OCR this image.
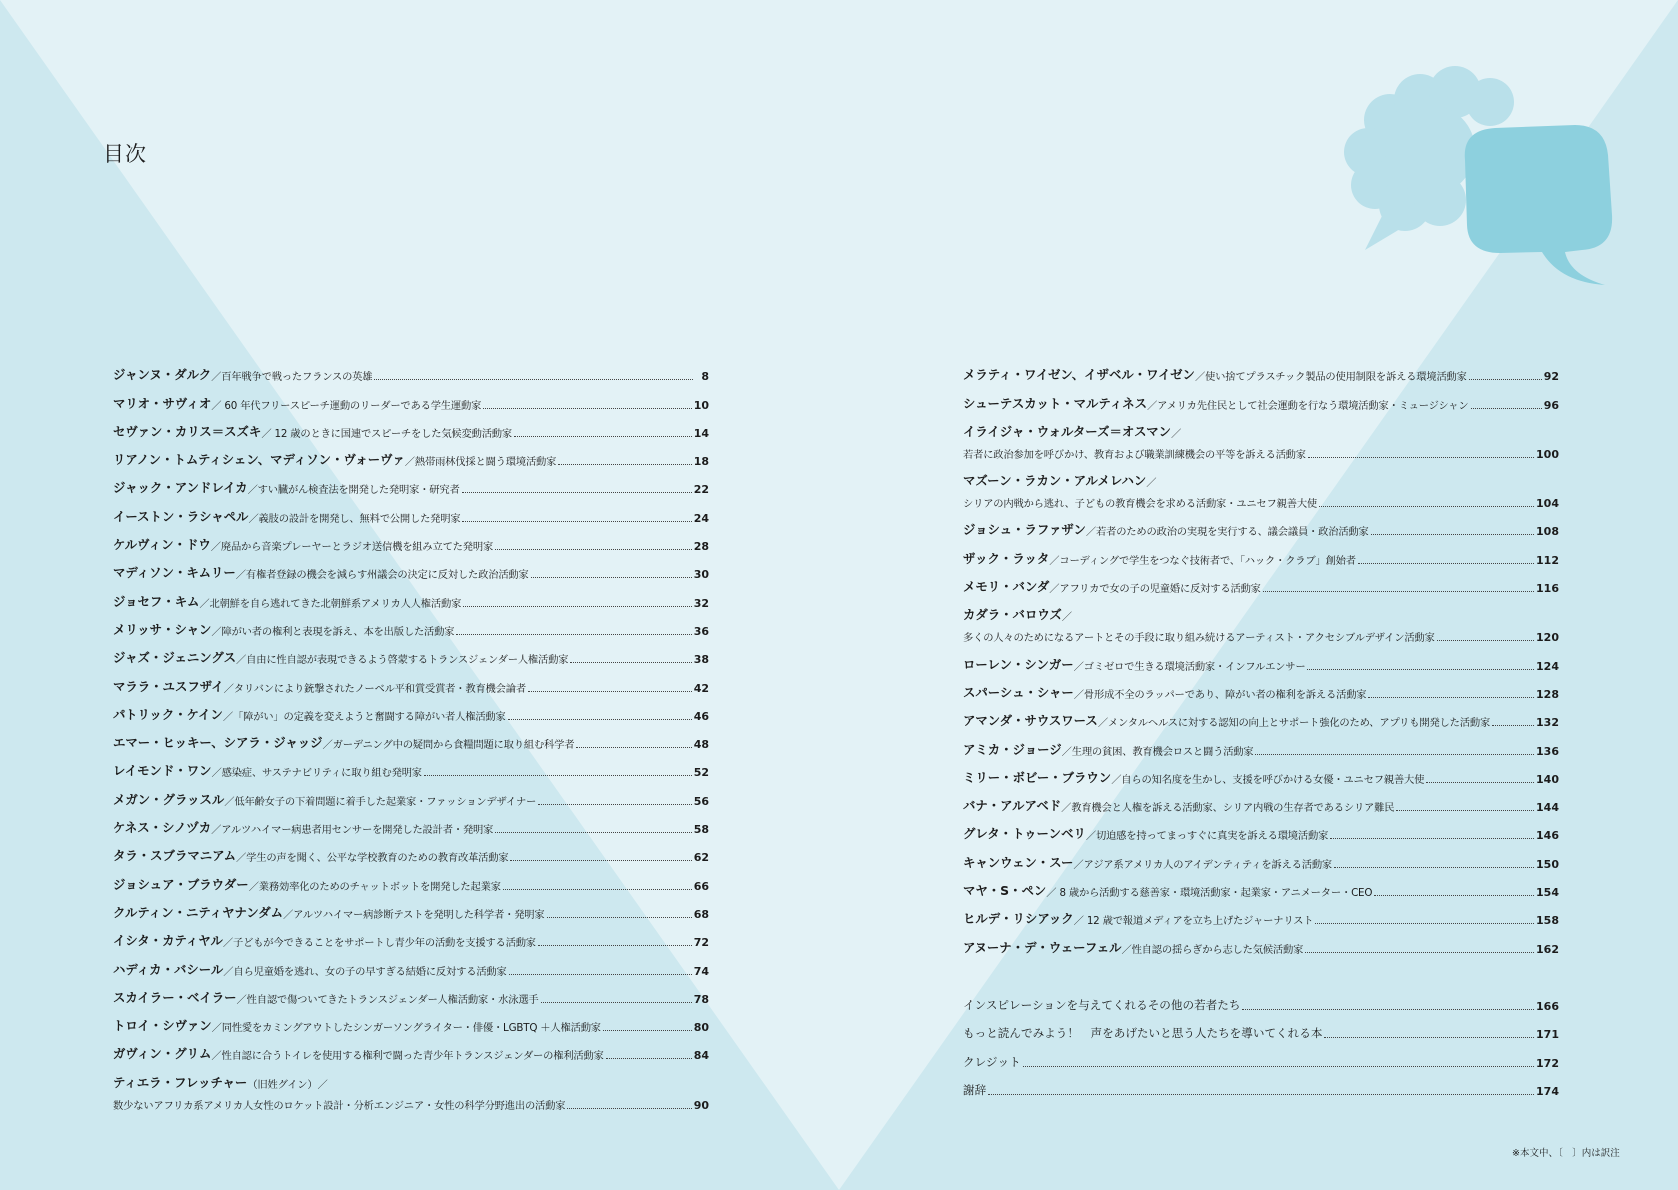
目次
ジャンヌ・ダルク ／百年戦争で戦ったフランスの英雄	8
マリオ・サヴィオ ／ 60 年代フリースピーチ運動のリーダーである学生運動家	10
セヴァン・カリス＝スズキ ／ 12 歳のときに国連でスピーチをした気候変動活動家	14
リアノン・トムティシェン、マディソン・ヴォーヴァ ／熱帯雨林伐採と闘う環境活動家	18
ジャック・アンドレイカ ／すい臓がん検査法を開発した発明家・研究者	22
イーストン・ラシャペル ／義肢の設計を開発し、無料で公開した発明家	24
ケルヴィン・ドウ ／廃品から音楽プレーヤーとラジオ送信機を組み立てた発明家	28
マディソン・キムリー ／有権者登録の機会を減らす州議会の決定に反対した政治活動家	30
ジョセフ・キム ／北朝鮮を自ら逃れてきた北朝鮮系アメリカ人人権活動家	32
メリッサ・シャン ／障がい者の権利と表現を訴え、本を出版した活動家	36
ジャズ・ジェニングス ／自由に性自認が表現できるよう啓蒙するトランスジェンダー人権活動家	38
マララ・ユスフザイ ／タリバンにより銃撃されたノーベル平和賞受賞者・教育機会論者	42
パトリック・ケイン ／「障がい」の定義を変えようと奮闘する障がい者人権活動家	46
エマー・ヒッキー、シアラ・ジャッジ ／ガーデニング中の疑問から食糧問題に取り組む科学者	48
レイモンド・ワン ／感染症、サステナビリティに取り組む発明家	52
メガン・グラッスル ／低年齢女子の下着問題に着手した起業家・ファッションデザイナー	56
ケネス・シノヅカ ／アルツハイマー病患者用センサーを開発した設計者・発明家	58
タラ・スブラマニアム ／学生の声を聞く、公平な学校教育のための教育改革活動家	62
ジョシュア・ブラウダー ／業務効率化のためのチャットボットを開発した起業家	66
クルティン・ニティヤナンダム ／アルツハイマー病診断テストを発明した科学者・発明家	68
イシタ・カティヤル ／子どもが今できることをサポートし青少年の活動を支援する活動家	72
ハディカ・バシール ／自ら児童婚を逃れ、女の子の早すぎる結婚に反対する活動家	74
スカイラー・ベイラー ／性自認で傷ついてきたトランスジェンダー人権活動家・水泳選手	78
トロイ・シヴァン ／同性愛をカミングアウトしたシンガーソングライター・俳優・LGBTQ ＋人権活動家	80
ガヴィン・グリム ／性自認に合うトイレを使用する権利で闘った青少年トランスジェンダーの権利活動家	84
ティエラ・フレッチャー （旧姓グイン）／
数少ないアフリカ系アメリカ人女性のロケット設計・分析エンジニア・女性の科学分野進出の活動家	90
メラティ・ワイゼン、イザベル・ワイゼン ／使い捨てプラスチック製品の使用制限を訴える環境活動家	92
シューテスカット・マルティネス ／アメリカ先住民として社会運動を行なう環境活動家・ミュージシャン	96
イライジャ・ウォルターズ＝オスマン ／
若者に政治参加を呼びかけ、教育および職業訓練機会の平等を訴える活動家	100
マズーン・ラカン・アルメレハン ／
シリアの内戦から逃れ、子どもの教育機会を求める活動家・ユニセフ親善大使	104
ジョシュ・ラファザン ／若者のための政治の実現を実行する、議会議員・政治活動家	108
ザック・ラッタ ／コーディングで学生をつなぐ技術者で、「ハック・クラブ」創始者	112
メモリ・バンダ ／アフリカで女の子の児童婚に反対する活動家	116
カダラ・バロウズ ／
多くの人々のためになるアートとその手段に取り組み続けるアーティスト・アクセシブルデザイン活動家	120
ローレン・シンガー ／ゴミゼロで生きる環境活動家・インフルエンサー	124
スパーシュ・シャー ／骨形成不全のラッパーであり、障がい者の権利を訴える活動家	128
アマンダ・サウスワース ／メンタルヘルスに対する認知の向上とサポート強化のため、アプリも開発した活動家	132
アミカ・ジョージ ／生理の貧困、教育機会ロスと闘う活動家	136
ミリー・ボビー・ブラウン ／自らの知名度を生かし、支援を呼びかける女優・ユニセフ親善大使	140
バナ・アルアベド ／教育機会と人権を訴える活動家、シリア内戦の生存者であるシリア難民	144
グレタ・トゥーンベリ ／切迫感を持ってまっすぐに真実を訴える環境活動家	146
キャンウェン・スー ／アジア系アメリカ人のアイデンティティを訴える活動家	150
マヤ・S・ペン ／ 8 歳から活動する慈善家・環境活動家・起業家・アニメーター・CEO	154
ヒルデ・リシアック ／ 12 歳で報道メディアを立ち上げたジャーナリスト	158
アヌーナ・デ・ウェーフェル ／性自認の揺らぎから志した気候活動家	162
インスピレーションを与えてくれるその他の若者たち	166
もっと読んでみよう！　声をあげたいと思う人たちを導いてくれる本	171
クレジット	172
謝辞	174
※本文中、〔　〕内は訳注
